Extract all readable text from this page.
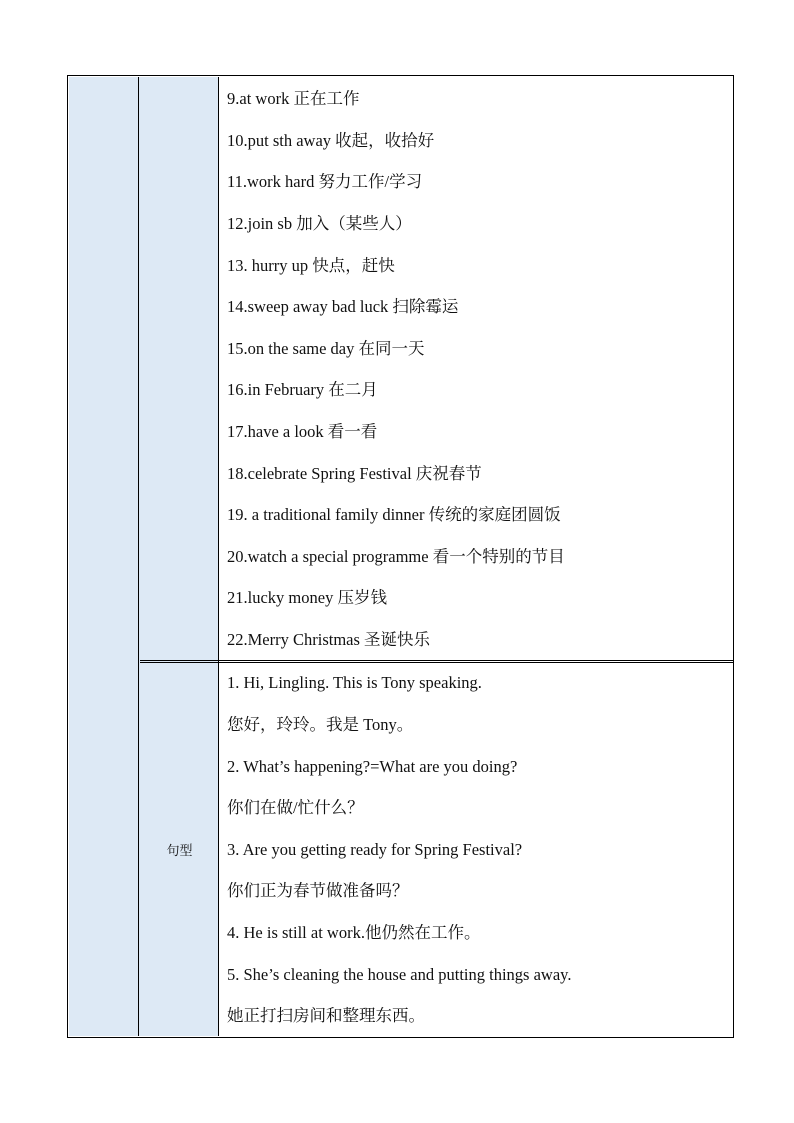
句型
9.at work 正在工作
10.put sth away 收起，收拾好
11.work hard 努力工作/学习
12.join sb 加入（某些人）
13. hurry up 快点，赶快
14.sweep away bad luck 扫除霉运
15.on the same day 在同一天
16.in February 在二月
17.have a look 看一看
18.celebrate Spring Festival 庆祝春节
19. a traditional family dinner 传统的家庭团圆饭
20.watch a special programme 看一个特别的节目
21.lucky money 压岁钱
22.Merry Christmas 圣诞快乐
1. Hi, Lingling. This is Tony speaking.
您好，玲玲。我是 Tony。
2. What’s happening?=What are you doing?
你们在做/忙什么？
3. Are you getting ready for Spring Festival?
你们正为春节做准备吗？
4. He is still at work.他仍然在工作。
5. She’s cleaning the house and putting things away.
她正打扫房间和整理东西。
